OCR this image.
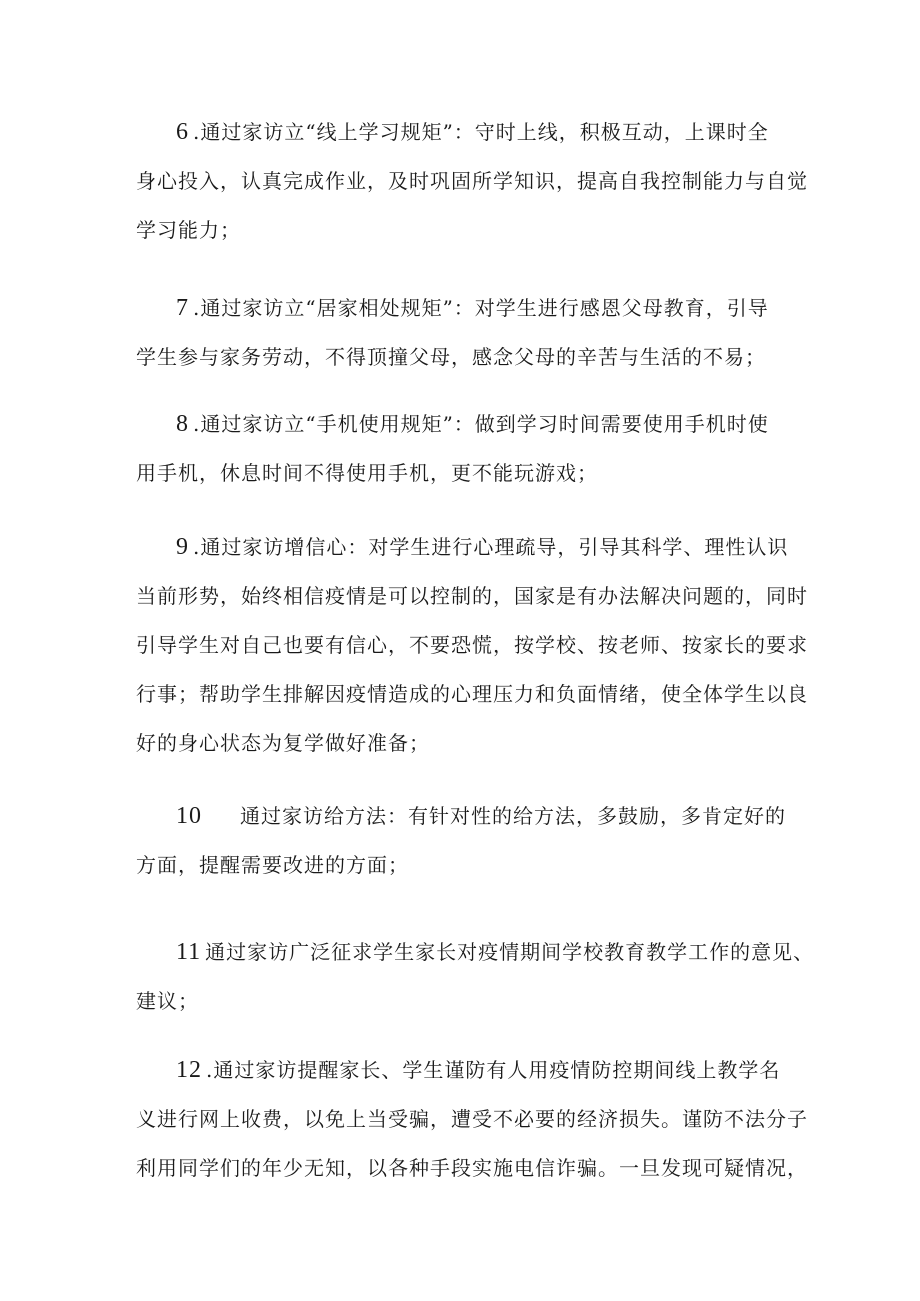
6 .通过家访立“线上学习规矩”：守时上线，积极互动，上课时全
身心投入，认真完成作业，及时巩固所学知识，提高自我控制能力与自觉
学习能力；
7 .通过家访立“居家相处规矩”：对学生进行感恩父母教育，引导
学生参与家务劳动，不得顶撞父母，感念父母的辛苦与生活的不易；
8 .通过家访立“手机使用规矩”：做到学习时间需要使用手机时使
用手机，休息时间不得使用手机，更不能玩游戏；
9 .通过家访增信心：对学生进行心理疏导，引导其科学、理性认识
当前形势，始终相信疫情是可以控制的，国家是有办法解决问题的，同时
引导学生对自己也要有信心，不要恐慌，按学校、按老师、按家长的要求
行事；帮助学生排解因疫情造成的心理压力和负面情绪，使全体学生以良
好的身心状态为复学做好准备；
10 通过家访给方法：有针对性的给方法，多鼓励，多肯定好的
方面，提醒需要改进的方面；
11 通过家访广泛征求学生家长对疫情期间学校教育教学工作的意见、
建议；
12 .通过家访提醒家长、学生谨防有人用疫情防控期间线上教学名
义进行网上收费，以免上当受骗，遭受不必要的经济损失。谨防不法分子
利用同学们的年少无知，以各种手段实施电信诈骗。一旦发现可疑情况，
